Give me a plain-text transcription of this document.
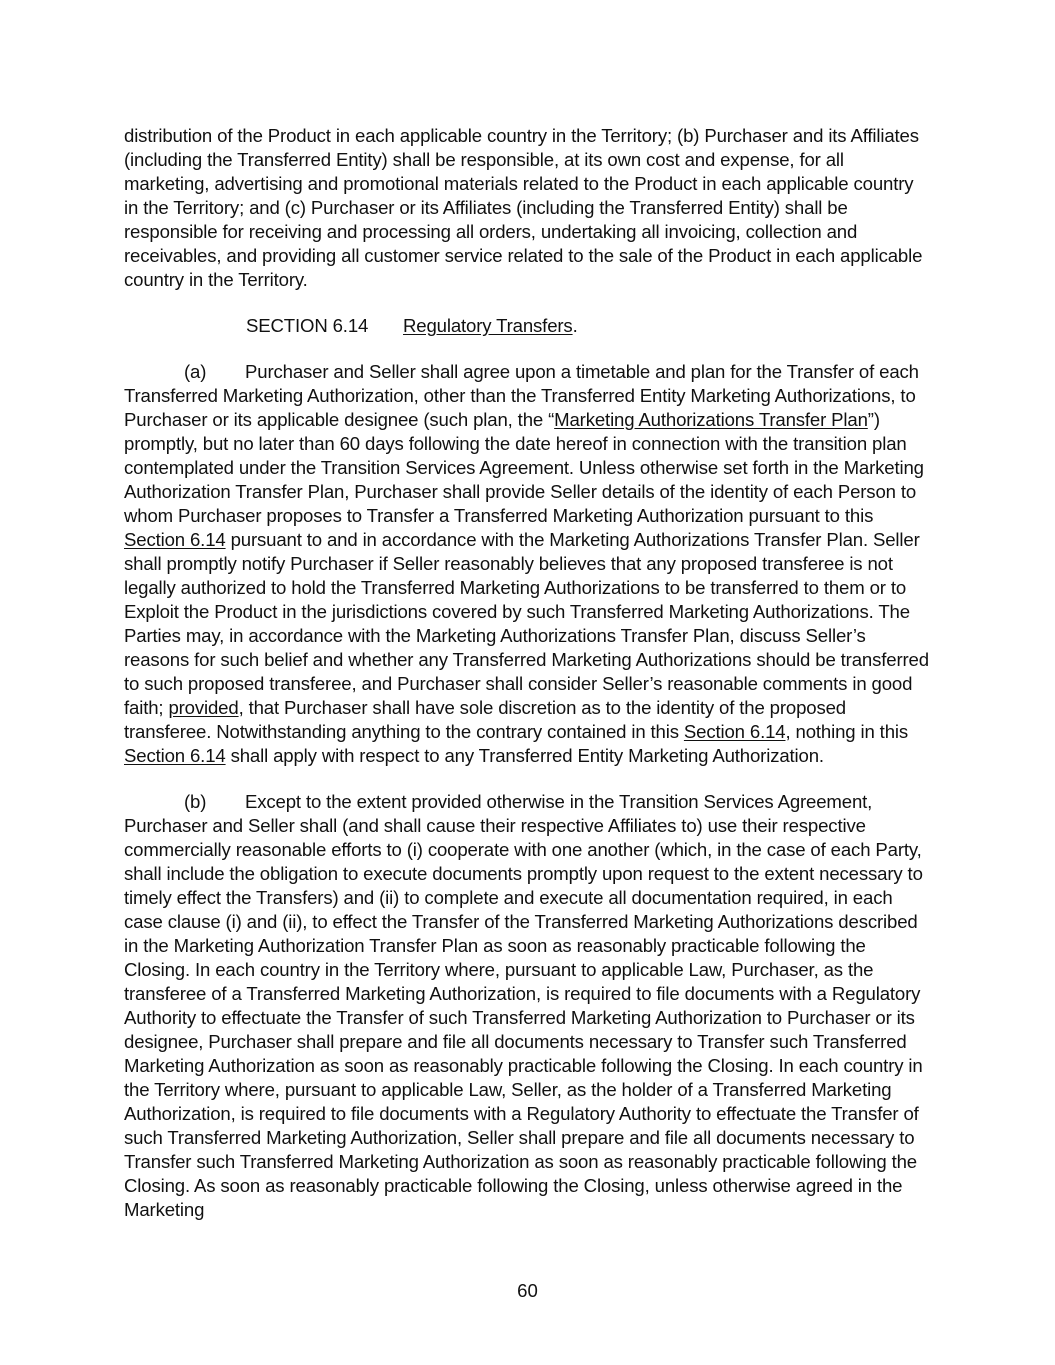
distribution of the Product in each applicable country in the Territory; (b) Purchaser and its Affiliates (including the Transferred Entity) shall be responsible, at its own cost and expense, for all marketing, advertising and promotional materials related to the Product in each applicable country in the Territory; and (c) Purchaser or its Affiliates (including the Transferred Entity) shall be responsible for receiving and processing all orders, undertaking all invoicing, collection and receivables, and providing all customer service related to the sale of the Product in each applicable country in the Territory.

SECTION 6.14 Regulatory Transfers.

(a) Purchaser and Seller shall agree upon a timetable and plan for the Transfer of each Transferred Marketing Authorization, other than the Transferred Entity Marketing Authorizations, to Purchaser or its applicable designee (such plan, the “Marketing Authorizations Transfer Plan”) promptly, but no later than 60 days following the date hereof in connection with the transition plan contemplated under the Transition Services Agreement. Unless otherwise set forth in the Marketing Authorization Transfer Plan, Purchaser shall provide Seller details of the identity of each Person to whom Purchaser proposes to Transfer a Transferred Marketing Authorization pursuant to this Section 6.14 pursuant to and in accordance with the Marketing Authorizations Transfer Plan. Seller shall promptly notify Purchaser if Seller reasonably believes that any proposed transferee is not legally authorized to hold the Transferred Marketing Authorizations to be transferred to them or to Exploit the Product in the jurisdictions covered by such Transferred Marketing Authorizations. The Parties may, in accordance with the Marketing Authorizations Transfer Plan, discuss Seller’s reasons for such belief and whether any Transferred Marketing Authorizations should be transferred to such proposed transferee, and Purchaser shall consider Seller’s reasonable comments in good faith; provided, that Purchaser shall have sole discretion as to the identity of the proposed transferee. Notwithstanding anything to the contrary contained in this Section 6.14, nothing in this Section 6.14 shall apply with respect to any Transferred Entity Marketing Authorization.

(b) Except to the extent provided otherwise in the Transition Services Agreement, Purchaser and Seller shall (and shall cause their respective Affiliates to) use their respective commercially reasonable efforts to (i) cooperate with one another (which, in the case of each Party, shall include the obligation to execute documents promptly upon request to the extent necessary to timely effect the Transfers) and (ii) to complete and execute all documentation required, in each case clause (i) and (ii), to effect the Transfer of the Transferred Marketing Authorizations described in the Marketing Authorization Transfer Plan as soon as reasonably practicable following the Closing. In each country in the Territory where, pursuant to applicable Law, Purchaser, as the transferee of a Transferred Marketing Authorization, is required to file documents with a Regulatory Authority to effectuate the Transfer of such Transferred Marketing Authorization to Purchaser or its designee, Purchaser shall prepare and file all documents necessary to Transfer such Transferred Marketing Authorization as soon as reasonably practicable following the Closing. In each country in the Territory where, pursuant to applicable Law, Seller, as the holder of a Transferred Marketing Authorization, is required to file documents with a Regulatory Authority to effectuate the Transfer of such Transferred Marketing Authorization, Seller shall prepare and file all documents necessary to Transfer such Transferred Marketing Authorization as soon as reasonably practicable following the Closing. As soon as reasonably practicable following the Closing, unless otherwise agreed in the Marketing

60
